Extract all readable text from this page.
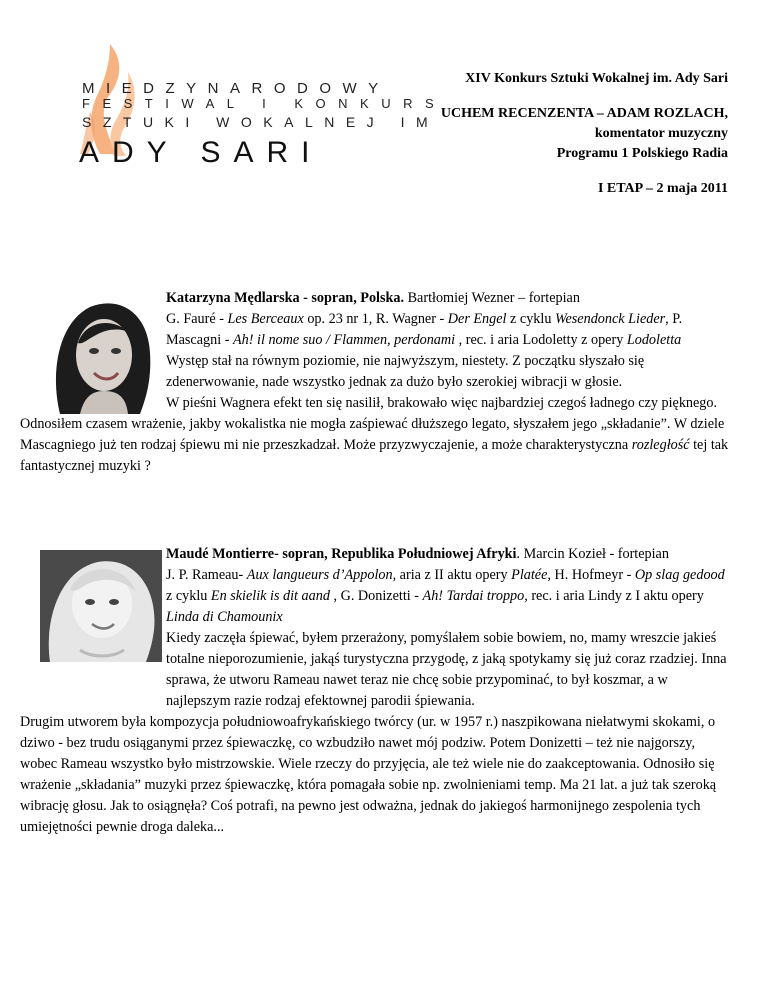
MIEDZYNARODOWY
FESTIWAL I KONKURS
SZTUKI WOKALNEJ IM
ADY SARI
XIV Konkurs Sztuki Wokalnej im. Ady Sari
UCHEM RECENZENTA – ADAM ROZLACH,
komentator muzyczny
Programu 1 Polskiego Radia
I ETAP – 2 maja 2011

Katarzyna Mędlarska - sopran, Polska. Bartłomiej Wezner – fortepian

G. Fauré - Les Berceaux op. 23 nr 1, R. Wagner - Der Engel z cyklu Wesendonck Lieder, P. Mascagni - Ah! il nome suo / Flammen, perdonami , rec. i aria Lodoletty z opery Lodoletta

Występ stał na równym poziomie, nie najwyższym, niestety. Z początku słyszało się zdenerwowanie, nade wszystko jednak za dużo było szerokiej wibracji w głosie.

W pieśni Wagnera efekt ten się nasilił, brakowało więc najbardziej czegoś ładnego czy pięknego. Odnosiłem czasem wrażenie, jakby wokalistka nie mogła zaśpiewać dłuższego legato, słyszałem jego „składanie”. W dziele Mascagniego już ten rodzaj śpiewu mi nie przeszkadzał. Może przyzwyczajenie, a może charakterystyczna rozległość tej tak fantastycznej muzyki ?

Maudé Montierre- sopran, Republika Południowej Afryki. Marcin Kozieł - fortepian

J. P. Rameau- Aux langueurs d’Appolon, aria z II aktu opery Platée, H. Hofmeyr - Op slag gedood z cyklu En skielik is dit aand , G. Donizetti - Ah! Tardai troppo, rec. i aria Lindy z I aktu opery Linda di Chamounix

Kiedy zaczęła śpiewać, byłem przerażony, pomyślałem sobie bowiem, no, mamy wreszcie jakieś totalne nieporozumienie, jakąś turystyczna przygodę, z jaką spotykamy się już coraz rzadziej. Inna sprawa, że utworu Rameau nawet teraz nie chcę sobie przypominać, to był koszmar, a w najlepszym razie rodzaj efektownej parodii śpiewania.

Drugim utworem była kompozycja południowoafrykańskiego twórcy (ur. w 1957 r.) naszpikowana niełatwymi skokami, o dziwo - bez trudu osiąganymi przez śpiewaczkę, co wzbudziło nawet mój podziw. Potem Donizetti – też nie najgorszy, wobec Rameau wszystko było mistrzowskie. Wiele rzeczy do przyjęcia, ale też wiele nie do zaakceptowania. Odnosiło się wrażenie „składania” muzyki przez śpiewaczkę, która pomagała sobie np. zwolnieniami temp. Ma 21 lat. a już tak szeroką wibrację głosu. Jak to osiągnęła? Coś potrafi, na pewno jest odważna, jednak do jakiegoś harmonijnego zespolenia tych umiejętności pewnie droga daleka...
